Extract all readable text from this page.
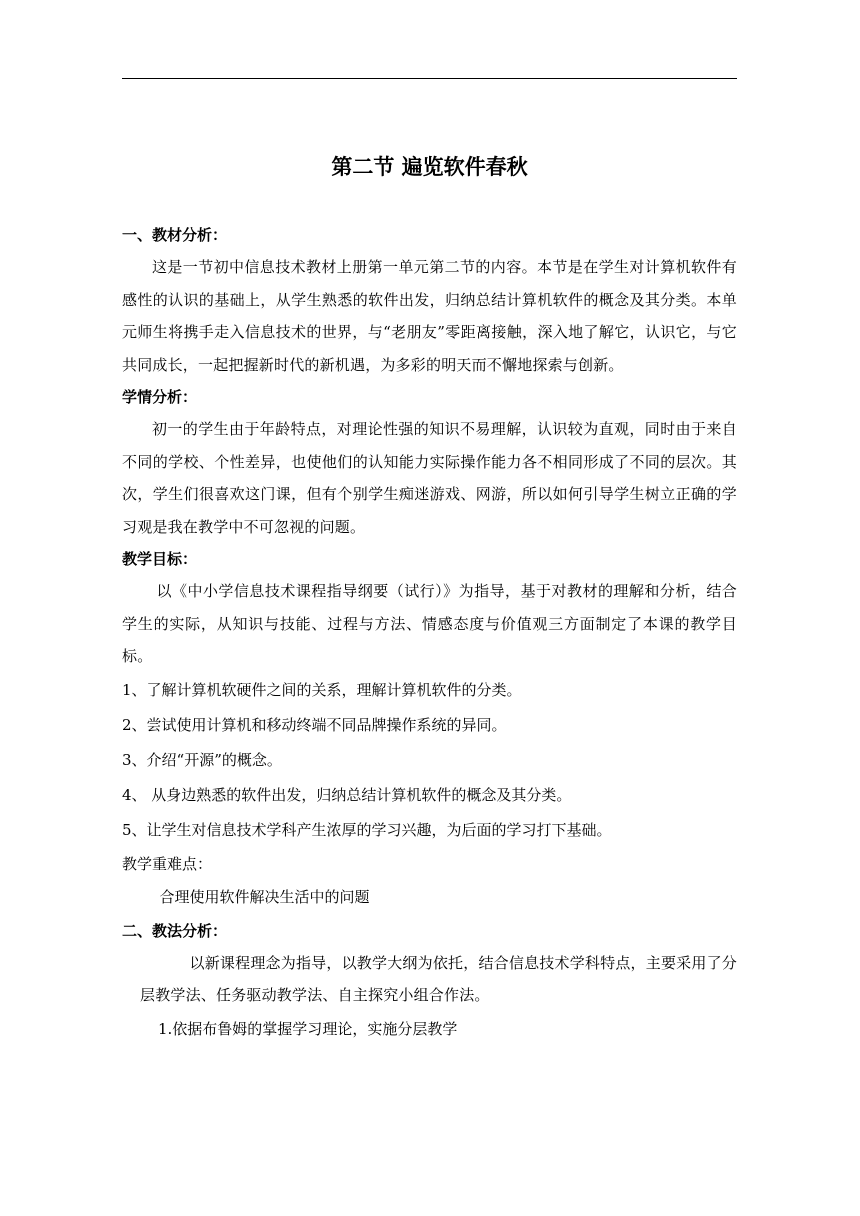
第二节 遍览软件春秋
一、教材分析：
这是一节初中信息技术教材上册第一单元第二节的内容。本节是在学生对计算机软件有感性的认识的基础上，从学生熟悉的软件出发，归纳总结计算机软件的概念及其分类。本单元师生将携手走入信息技术的世界，与“老朋友”零距离接触，深入地了解它，认识它，与它共同成长，一起把握新时代的新机遇，为多彩的明天而不懈地探索与创新。
学情分析：
初一的学生由于年龄特点，对理论性强的知识不易理解，认识较为直观，同时由于来自不同的学校、个性差异，也使他们的认知能力实际操作能力各不相同形成了不同的层次。其次，学生们很喜欢这门课，但有个别学生痴迷游戏、网游，所以如何引导学生树立正确的学习观是我在教学中不可忽视的问题。
教学目标：
以《中小学信息技术课程指导纲要（试行）》为指导，基于对教材的理解和分析，结合学生的实际，从知识与技能、过程与方法、情感态度与价值观三方面制定了本课的教学目标。
1、了解计算机软硬件之间的关系，理解计算机软件的分类。
2、尝试使用计算机和移动终端不同品牌操作系统的异同。
3、介绍“开源”的概念。
4、 从身边熟悉的软件出发，归纳总结计算机软件的概念及其分类。
5、让学生对信息技术学科产生浓厚的学习兴趣，为后面的学习打下基础。
教学重难点：
合理使用软件解决生活中的问题
二、教法分析：
以新课程理念为指导，以教学大纲为依托，结合信息技术学科特点，主要采用了分层教学法、任务驱动教学法、自主探究小组合作法。
1.依据布鲁姆的掌握学习理论，实施分层教学
